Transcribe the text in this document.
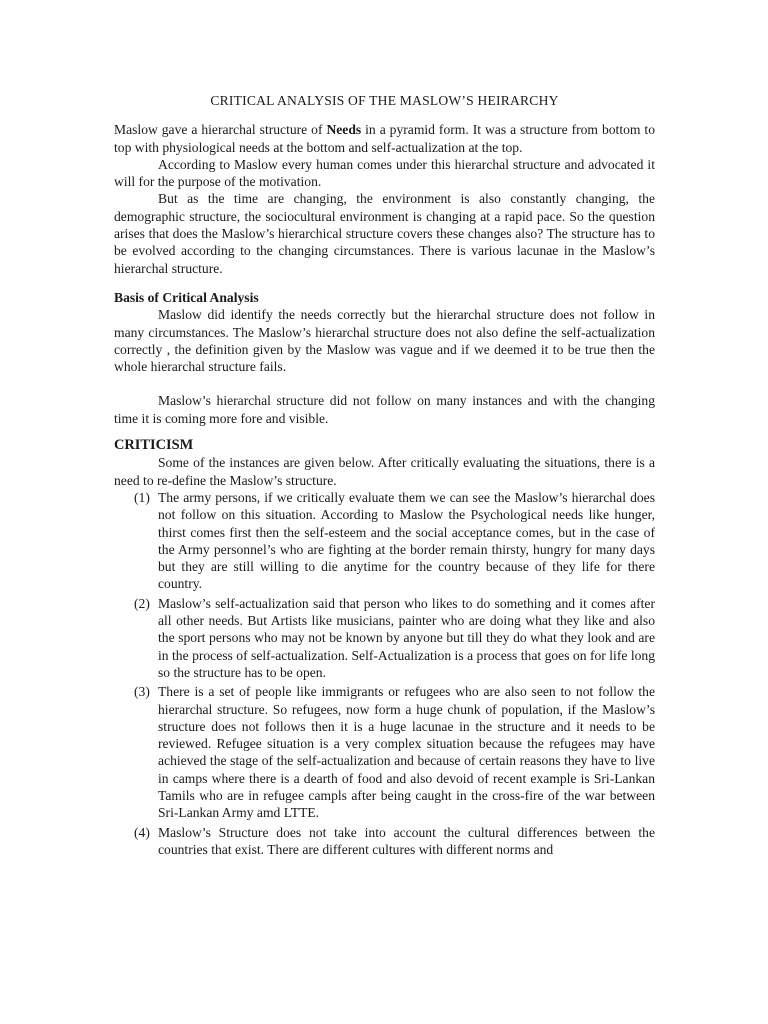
CRITICAL ANALYSIS OF THE MASLOW’S HEIRARCHY

Maslow gave a hierarchal structure of Needs in a pyramid form. It was a structure from bottom to top with physiological needs at the bottom and self-actualization at the top.

According to Maslow every human comes under this hierarchal structure and advocated it will for the purpose of the motivation.

But as the time are changing, the environment is also constantly changing, the demographic structure, the sociocultural environment is changing at a rapid pace. So the question arises that does the Maslow’s hierarchical structure covers these changes also? The structure has to be evolved according to the changing circumstances. There is various lacunae in the Maslow’s hierarchal structure.

Basis of Critical Analysis

Maslow did identify the needs correctly but the hierarchal structure does not follow in many circumstances. The Maslow’s hierarchal structure does not also define the self-actualization correctly , the definition given by the Maslow was vague and if we deemed it to be true then the whole hierarchal structure fails.

Maslow’s hierarchal structure did not follow on many instances and with the changing time it is coming more fore and visible.

CRITICISM

Some of the instances are given below. After critically evaluating the situations, there is a need to re-define the Maslow’s structure.

(1) The army persons, if we critically evaluate them we can see the Maslow’s hierarchal does not follow on this situation. According to Maslow the Psychological needs like hunger, thirst comes first then the self-esteem and the social acceptance comes, but in the case of the Army personnel’s who are fighting at the border remain thirsty, hungry for many days but they are still willing to die anytime for the country because of they life for there country.
(2) Maslow’s self-actualization said that person who likes to do something and it comes after all other needs. But Artists like musicians, painter who are doing what they like and also the sport persons who may not be known by anyone but till they do what they look and are in the process of self-actualization. Self-Actualization is a process that goes on for life long so the structure has to be open.
(3) There is a set of people like immigrants or refugees who are also seen to not follow the hierarchal structure. So refugees, now form a huge chunk of population, if the Maslow’s structure does not follows then it is a huge lacunae in the structure and it needs to be reviewed. Refugee situation is a very complex situation because the refugees may have achieved the stage of the self-actualization and because of certain reasons they have to live in camps where there is a dearth of food and also devoid of recent example is Sri-Lankan Tamils who are in refugee campls after being caught in the cross-fire of the war between Sri-Lankan Army amd LTTE.
(4) Maslow’s Structure does not take into account the cultural differences between the countries that exist. There are different cultures with different norms and
